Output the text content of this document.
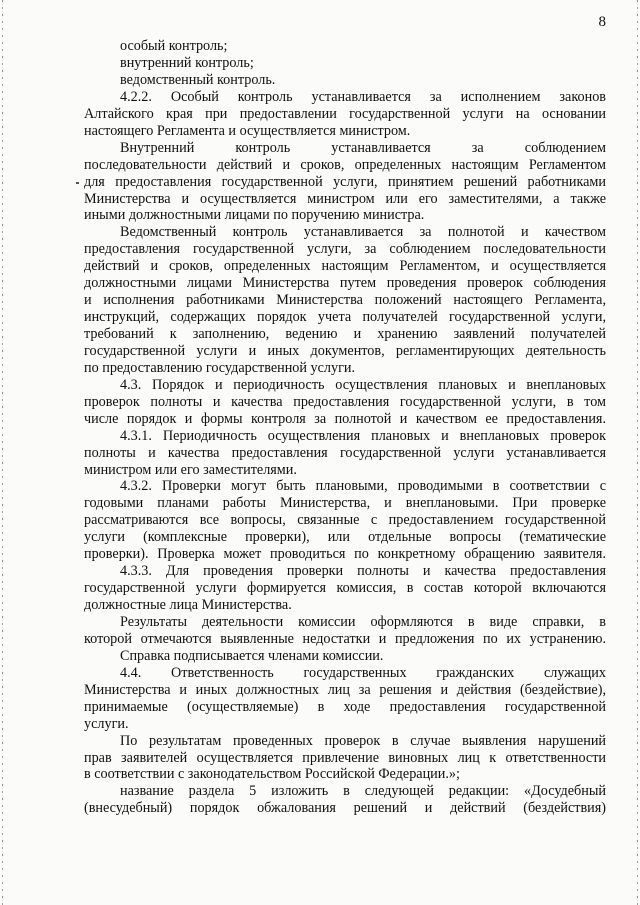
8
особый контроль;
внутренний контроль;
ведомственный контроль.
4.2.2. Особый контроль устанавливается за исполнением законов
Алтайского края при предоставлении государственной услуги на основании
настоящего Регламента и осуществляется министром.
Внутренний контроль устанавливается за соблюдением
последовательности действий и сроков, определенных настоящим Регламентом
для предоставления государственной услуги, принятием решений работниками
Министерства и осуществляется министром или его заместителями, а также
иными должностными лицами по поручению министра.
Ведомственный контроль устанавливается за полнотой и качеством
предоставления государственной услуги, за соблюдением последовательности
действий и сроков, определенных настоящим Регламентом, и осуществляется
должностными лицами Министерства путем проведения проверок соблюдения
и исполнения работниками Министерства положений настоящего Регламента,
инструкций, содержащих порядок учета получателей государственной услуги,
требований к заполнению, ведению и хранению заявлений получателей
государственной услуги и иных документов, регламентирующих деятельность
по предоставлению государственной услуги.
4.3. Порядок и периодичность осуществления плановых и внеплановых
проверок полноты и качества предоставления государственной услуги, в том
числе порядок и формы контроля за полнотой и качеством ее предоставления.
4.3.1. Периодичность осуществления плановых и внеплановых проверок
полноты и качества предоставления государственной услуги устанавливается
министром или его заместителями.
4.3.2. Проверки могут быть плановыми, проводимыми в соответствии с
годовыми планами работы Министерства, и внеплановыми. При проверке
рассматриваются все вопросы, связанные с предоставлением государственной
услуги (комплексные проверки), или отдельные вопросы (тематические
проверки). Проверка может проводиться по конкретному обращению заявителя.
4.3.3. Для проведения проверки полноты и качества предоставления
государственной услуги формируется комиссия, в состав которой включаются
должностные лица Министерства.
Результаты деятельности комиссии оформляются в виде справки, в
которой отмечаются выявленные недостатки и предложения по их устранению.
Справка подписывается членами комиссии.
4.4. Ответственность государственных гражданских служащих
Министерства и иных должностных лиц за решения и действия (бездействие),
принимаемые (осуществляемые) в ходе предоставления государственной
услуги.
По результатам проведенных проверок в случае выявления нарушений
прав заявителей осуществляется привлечение виновных лиц к ответственности
в соответствии с законодательством Российской Федерации.»;
название раздела 5 изложить в следующей редакции: «Досудебный
(внесудебный) порядок обжалования решений и действий (бездействия)
